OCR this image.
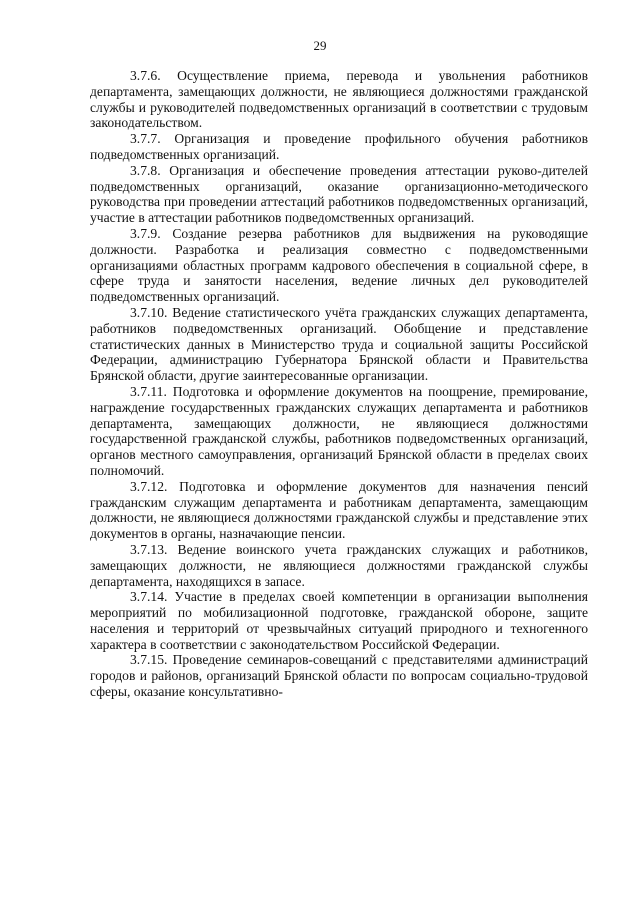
29

3.7.6. Осуществление приема, перевода и увольнения работников департамента, замещающих должности, не являющиеся должностями гражданской службы и руководителей подведомственных организаций в соответствии с трудовым законодательством.

3.7.7. Организация и проведение профильного обучения работников подведомственных организаций.

3.7.8. Организация и обеспечение проведения аттестации руково-дителей подведомственных организаций, оказание организационно-методического руководства при проведении аттестаций работников подведомственных организаций, участие в аттестации работников подведомственных организаций.

3.7.9. Создание резерва работников для выдвижения на руководящие должности. Разработка и реализация совместно с подведомственными организациями областных программ кадрового обеспечения в социальной сфере, в сфере труда и занятости населения, ведение личных дел руководителей подведомственных организаций.

3.7.10. Ведение статистического учёта гражданских служащих департамента, работников подведомственных организаций. Обобщение и представление статистических данных в Министерство труда и социальной защиты Российской Федерации, администрацию Губернатора Брянской области и Правительства Брянской области, другие заинтересованные организации.

3.7.11. Подготовка и оформление документов на поощрение, премирование, награждение государственных гражданских служащих департамента и работников департамента, замещающих должности, не являющиеся должностями государственной гражданской службы, работников подведомственных организаций, органов местного самоуправления, организаций Брянской области в пределах своих полномочий.

3.7.12. Подготовка и оформление документов для назначения пенсий гражданским служащим департамента и работникам департамента, замещающим должности, не являющиеся должностями гражданской службы и представление этих документов в органы, назначающие пенсии.

3.7.13. Ведение воинского учета гражданских служащих и работников, замещающих должности, не являющиеся должностями гражданской службы департамента, находящихся в запасе.

3.7.14. Участие в пределах своей компетенции в организации выполнения мероприятий по мобилизационной подготовке, гражданской обороне, защите населения и территорий от чрезвычайных ситуаций природного и техногенного характера в соответствии с законодательством Российской Федерации.

3.7.15. Проведение семинаров-совещаний с представителями администраций городов и районов, организаций Брянской области по вопросам социально-трудовой сферы, оказание консультативно-
